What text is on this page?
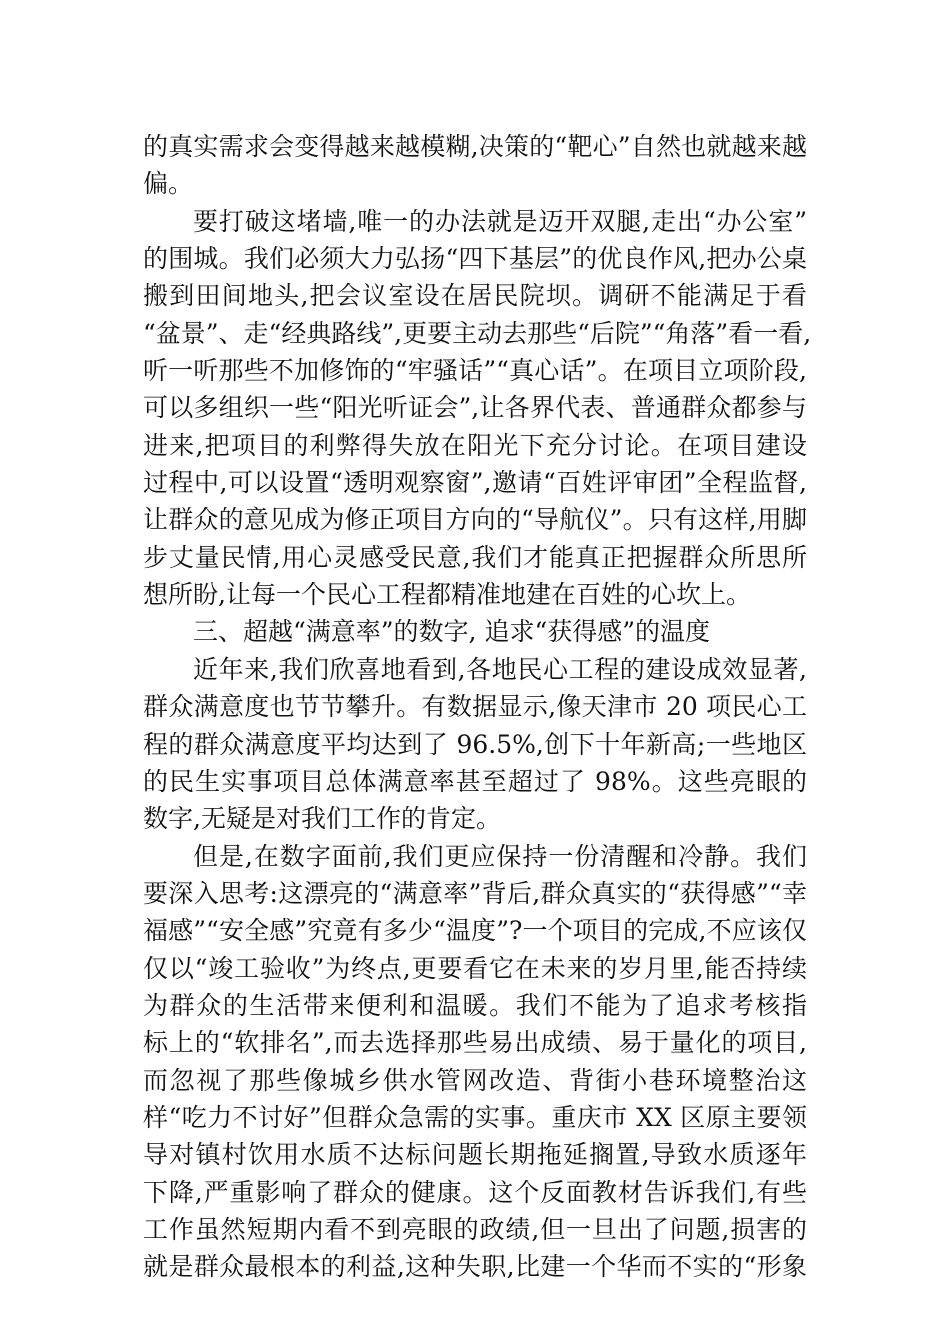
的真实需求会变得越来越模糊,决策的“靶心”自然也就越来越
偏。
要打破这堵墙,唯一的办法就是迈开双腿,走出“办公室”
的围城。我们必须大力弘扬“四下基层”的优良作风,把办公桌
搬到田间地头,把会议室设在居民院坝。调研不能满足于看
“盆景”、走“经典路线”,更要主动去那些“后院”“角落”看一看,
听一听那些不加修饰的“牢骚话”“真心话”。在项目立项阶段,
可以多组织一些“阳光听证会”,让各界代表、普通群众都参与
进来,把项目的利弊得失放在阳光下充分讨论。在项目建设
过程中,可以设置“透明观察窗”,邀请“百姓评审团”全程监督,
让群众的意见成为修正项目方向的“导航仪”。只有这样,用脚
步丈量民情,用心灵感受民意,我们才能真正把握群众所思所
想所盼,让每一个民心工程都精准地建在百姓的心坎上。
三、超越“满意率”的数字, 追求“获得感”的温度
近年来,我们欣喜地看到,各地民心工程的建设成效显著,
群众满意度也节节攀升。有数据显示,像天津市 20 项民心工
程的群众满意度平均达到了 96.5%,创下十年新高;一些地区
的民生实事项目总体满意率甚至超过了 98%。这些亮眼的
数字,无疑是对我们工作的肯定。
但是,在数字面前,我们更应保持一份清醒和冷静。我们
要深入思考:这漂亮的“满意率”背后,群众真实的“获得感”“幸
福感”“安全感”究竟有多少“温度”?一个项目的完成,不应该仅
仅以“竣工验收”为终点,更要看它在未来的岁月里,能否持续
为群众的生活带来便利和温暖。我们不能为了追求考核指
标上的“软排名”,而去选择那些易出成绩、易于量化的项目,
而忽视了那些像城乡供水管网改造、背街小巷环境整治这
样“吃力不讨好”但群众急需的实事。重庆市 XX 区原主要领
导对镇村饮用水质不达标问题长期拖延搁置,导致水质逐年
下降,严重影响了群众的健康。这个反面教材告诉我们,有些
工作虽然短期内看不到亮眼的政绩,但一旦出了问题,损害的
就是群众最根本的利益,这种失职,比建一个华而不实的“形象
